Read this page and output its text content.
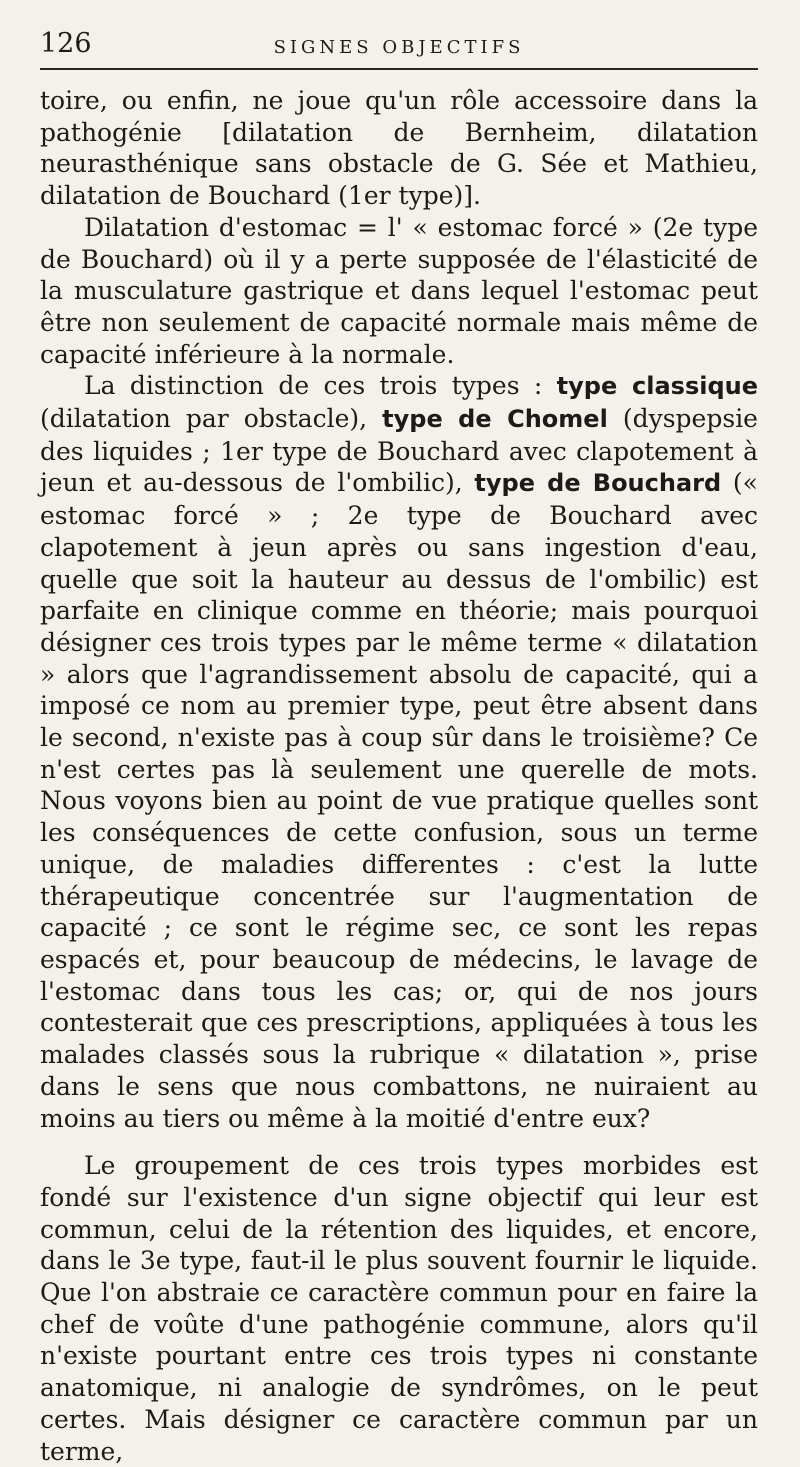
126	SIGNES OBJECTIFS

toire, ou enfin, ne joue qu'un rôle accessoire dans la pathogénie [dilatation de Bernheim, dilatation neurasthénique sans obstacle de G. Sée et Mathieu, dilatation de Bouchard (1er type)].

Dilatation d'estomac = l' « estomac forcé » (2e type de Bouchard) où il y a perte supposée de l'élasticité de la musculature gastrique et dans lequel l'estomac peut être non seulement de capacité normale mais même de capacité inférieure à la normale.

La distinction de ces trois types : type classique (dilatation par obstacle), type de Chomel (dyspepsie des liquides ; 1er type de Bouchard avec clapotement à jeun et au-dessous de l'ombilic), type de Bouchard (« estomac forcé » ; 2e type de Bouchard avec clapotement à jeun après ou sans ingestion d'eau, quelle que soit la hauteur au dessus de l'ombilic) est parfaite en clinique comme en théorie; mais pourquoi désigner ces trois types par le même terme « dilatation » alors que l'agrandissement absolu de capacité, qui a imposé ce nom au premier type, peut être absent dans le second, n'existe pas à coup sûr dans le troisième? Ce n'est certes pas là seulement une querelle de mots. Nous voyons bien au point de vue pratique quelles sont les conséquences de cette confusion, sous un terme unique, de maladies differentes : c'est la lutte thérapeutique concentrée sur l'augmentation de capacité ; ce sont le régime sec, ce sont les repas espacés et, pour beaucoup de médecins, le lavage de l'estomac dans tous les cas; or, qui de nos jours contesterait que ces prescriptions, appliquées à tous les malades classés sous la rubrique « dilatation », prise dans le sens que nous combattons, ne nuiraient au moins au tiers ou même à la moitié d'entre eux?

Le groupement de ces trois types morbides est fondé sur l'existence d'un signe objectif qui leur est commun, celui de la rétention des liquides, et encore, dans le 3e type, faut-il le plus souvent fournir le liquide. Que l'on abstraie ce caractère commun pour en faire la chef de voûte d'une pathogénie commune, alors qu'il n'existe pourtant entre ces trois types ni constante anatomique, ni analogie de syndrômes, on le peut certes. Mais désigner ce caractère commun par un terme,
